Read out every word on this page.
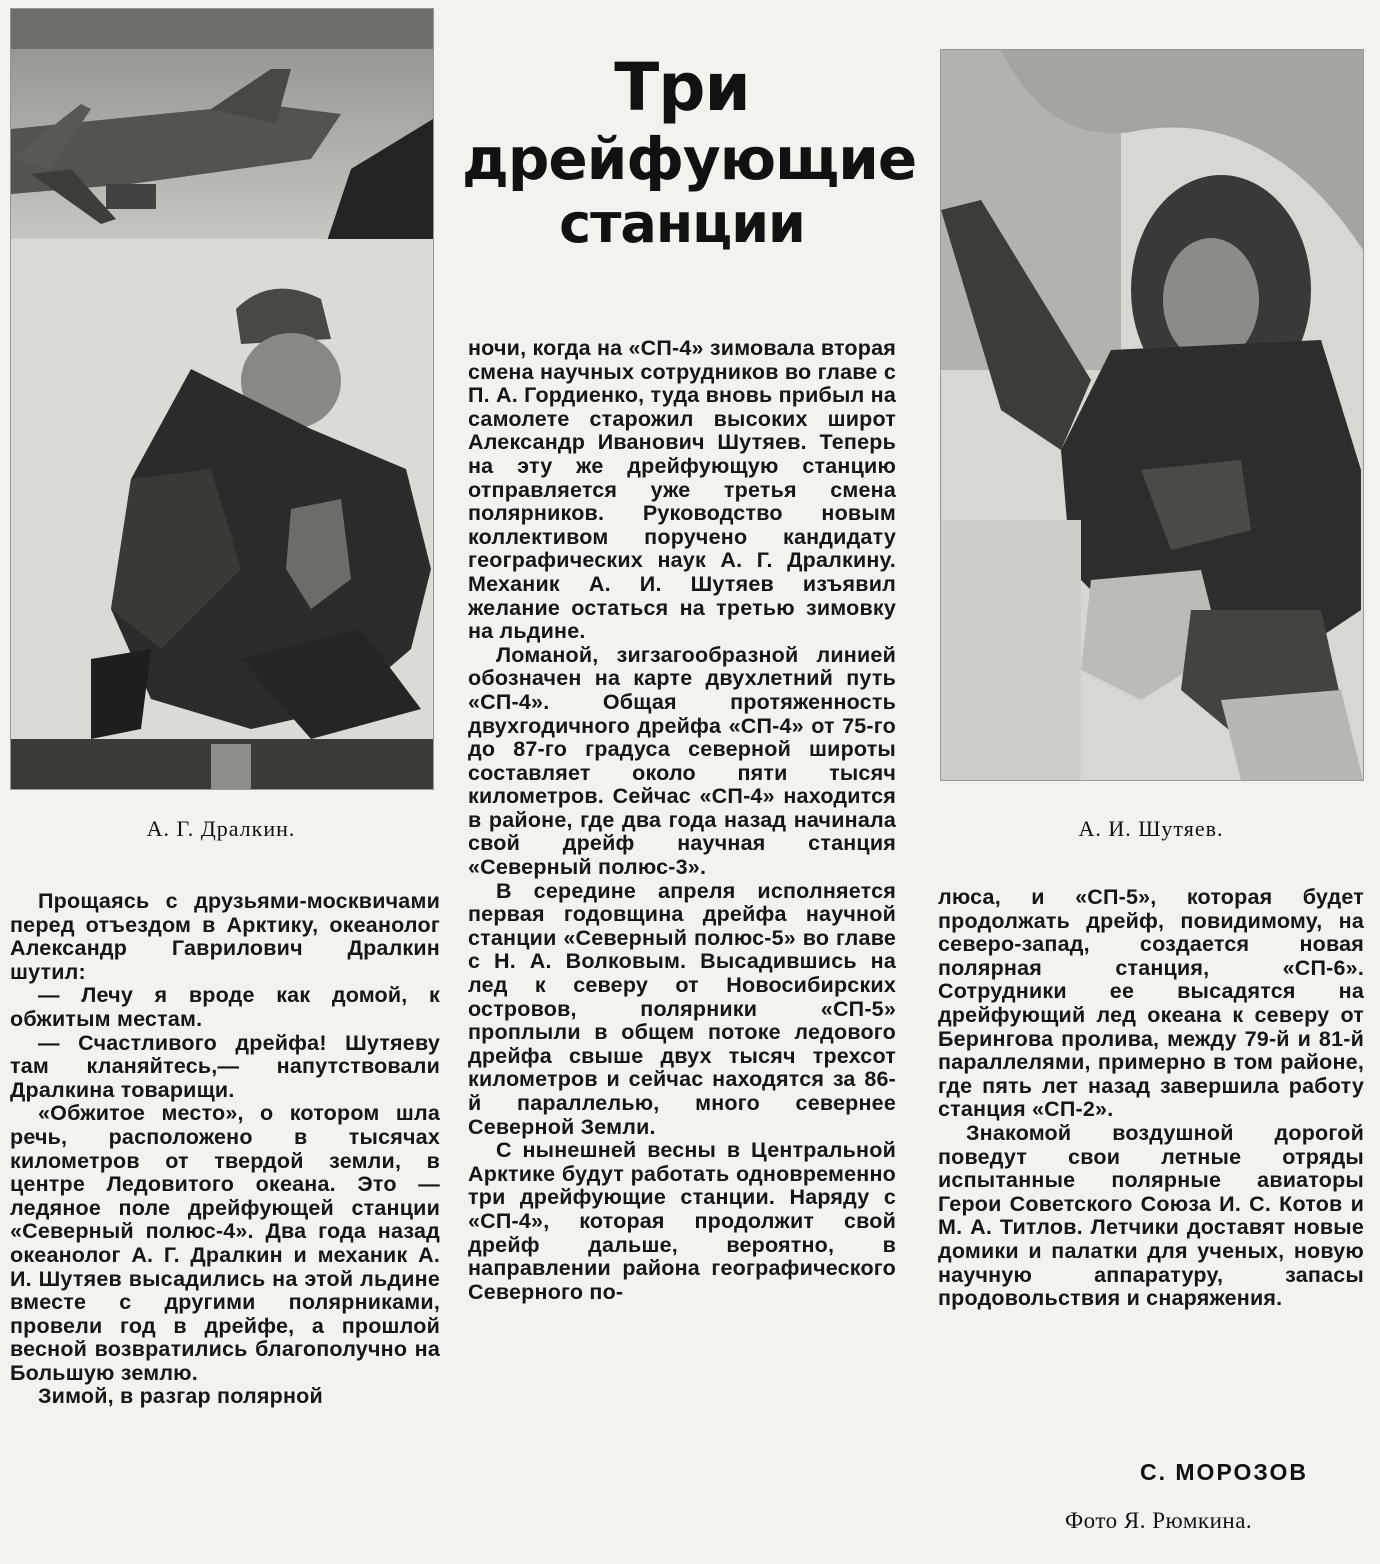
А. Г. Дралкин.
Три
дрейфующие
станции
А. И. Шутяев.

Прощаясь с друзьями-москвичами перед отъездом в Арктику, океанолог Александр Гаврилович Дралкин шутил:

— Лечу я вроде как домой, к обжитым местам.

— Счастливого дрейфа! Шутяеву там кланяйтесь,— напутствовали Дралкина товарищи.

«Обжитое место», о котором шла речь, расположено в тысячах километров от твердой земли, в центре Ледовитого океана. Это — ледяное поле дрейфующей станции «Северный полюс-4». Два года назад океанолог А. Г. Дралкин и механик А. И. Шутяев высадились на этой льдине вместе с другими полярниками, провели год в дрейфе, а прошлой весной возвратились благополучно на Большую землю.

Зимой, в разгар полярной

ночи, когда на «СП-4» зимовала вторая смена научных сотрудников во главе с П. А. Гордиенко, туда вновь прибыл на самолете старожил высоких широт Александр Иванович Шутяев. Теперь на эту же дрейфующую станцию отправляется уже третья смена полярников. Руководство новым коллективом поручено кандидату географических наук А. Г. Дралкину. Механик А. И. Шутяев изъявил желание остаться на третью зимовку на льдине.

Ломаной, зигзагообразной линией обозначен на карте двухлетний путь «СП-4». Общая протяженность двухгодичного дрейфа «СП-4» от 75-го до 87-го градуса северной широты составляет около пяти тысяч километров. Сейчас «СП-4» находится в районе, где два года назад начинала свой дрейф научная станция «Северный полюс-3».

В середине апреля исполняется первая годовщина дрейфа научной станции «Северный полюс-5» во главе с Н. А. Волковым. Высадившись на лед к северу от Новосибирских островов, полярники «СП-5» проплыли в общем потоке ледового дрейфа свыше двух тысяч трехсот километров и сейчас находятся за 86-й параллелью, много севернее Северной Земли.

С нынешней весны в Центральной Арктике будут работать одновременно три дрейфующие станции. Наряду с «СП-4», которая продолжит свой дрейф дальше, вероятно, в направлении района географического Северного по-

люса, и «СП-5», которая будет продолжать дрейф, повидимому, на северо-запад, создается новая полярная станция, «СП-6». Сотрудники ее высадятся на дрейфующий лед океана к северу от Берингова пролива, между 79-й и 81-й параллелями, примерно в том районе, где пять лет назад завершила работу станция «СП-2».

Знакомой воздушной дорогой поведут свои летные отряды испытанные полярные авиаторы Герои Советского Союза И. С. Котов и М. А. Титлов. Летчики доставят новые домики и палатки для ученых, новую научную аппаратуру, запасы продовольствия и снаряжения.

С. МОРОЗОВ
Фото Я. Рюмкина.
